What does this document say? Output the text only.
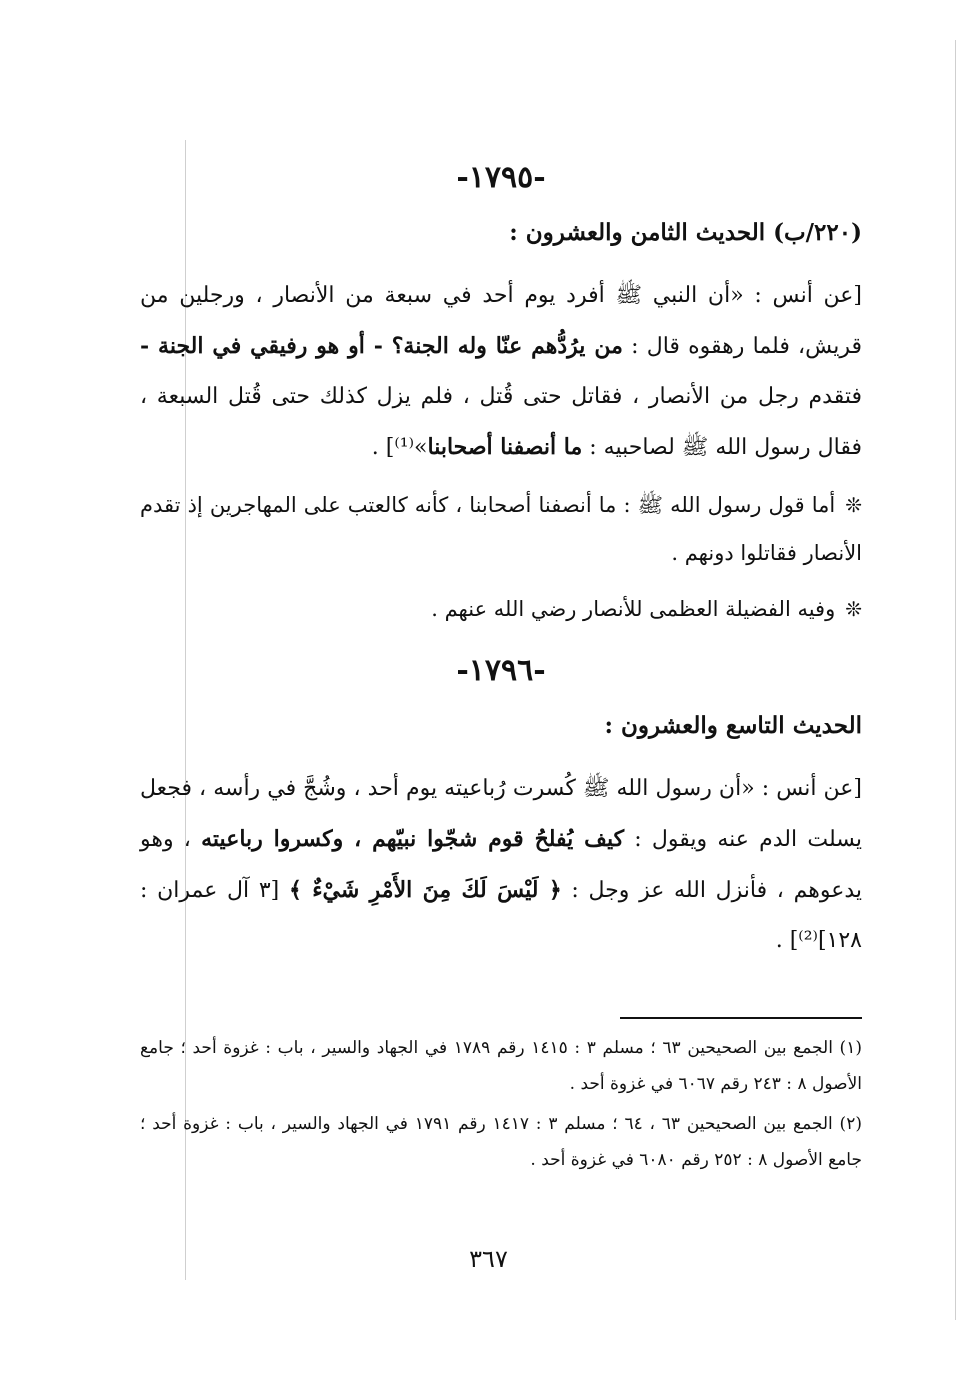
-١٧٩٥-
(٢٢٠/ب) الحديث الثامن والعشرون :

[عن أنس : «أن النبي ﷺ أفرد يوم أحد في سبعة من الأنصار ، ورجلين من قريش، فلما رهقوه قال : من يرُدُّهم عنّا وله الجنة؟ - أو هو رفيقي في الجنة - فتقدم رجل من الأنصار ، فقاتل حتى قُتل ، فلم يزل كذلك حتى قُتل السبعة ، فقال رسول الله ﷺ لصاحبيه : ما أنصفنا أصحابنا»⁽¹⁾] .

❊أما قول رسول الله ﷺ : ما أنصفنا أصحابنا ، كأنه كالعتب على المهاجرين إذ تقدم الأنصار فقاتلوا دونهم .

❊وفيه الفضيلة العظمى للأنصار رضي الله عنهم .

-١٧٩٦-
الحديث التاسع والعشرون :

[عن أنس : «أن رسول الله ﷺ كُسرت رُباعيته يوم أحد ، وشُجَّ في رأسه ، فجعل يسلت الدم عنه ويقول : كيف يُفلحُ قوم شجّوا نبيّهم ، وكسروا رباعيته ، وهو يدعوهم ، فأنزل الله عز وجل : ﴿ لَيْسَ لَكَ مِنَ الأَمْرِ شَيْءٌ ﴾ [٣ آل عمران : ١٢٨]⁽²⁾] .

(١) الجمع بين الصحيحين ٦٣ ؛ مسلم ٣ : ١٤١٥ رقم ١٧٨٩ في الجهاد والسير ، باب : غزوة أحد ؛ جامع الأصول ٨ : ٢٤٣ رقم ٦٠٦٧ في غزوة أحد .

(٢) الجمع بين الصحيحين ٦٣ ، ٦٤ ؛ مسلم ٣ : ١٤١٧ رقم ١٧٩١ في الجهاد والسير ، باب : غزوة أحد ؛ جامع الأصول ٨ : ٢٥٢ رقم ٦٠٨٠ في غزوة أحد .

٣٦٧
